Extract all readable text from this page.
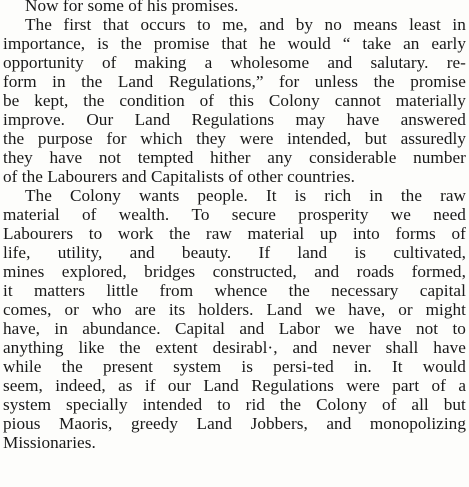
Now for some of his promises.
The first that occurs to me, and by no means least in
importance, is the promise that he would “ take an early
opportunity of making a wholesome and salutary. re-
form in the Land Regulations,” for unless the promise
be kept, the condition of this Colony cannot materially
improve. Our Land Regulations may have answered
the purpose for which they were intended, but assuredly
they have not tempted hither any considerable number
of the Labourers and Capitalists of other countries.
The Colony wants people. It is rich in the raw
material of wealth. To secure prosperity we need
Labourers to work the raw material up into forms of
life, utility, and beauty. If land is cultivated,
mines explored, bridges constructed, and roads formed,
it matters little from whence the necessary capital
comes, or who are its holders. Land we have, or might
have, in abundance. Capital and Labor we have not to
anything like the extent desirabl·, and never shall have
while the present system is persi-ted in. It would
seem, indeed, as if our Land Regulations were part of a
system specially intended to rid the Colony of all but
pious Maoris, greedy Land Jobbers, and monopolizing
Missionaries.
